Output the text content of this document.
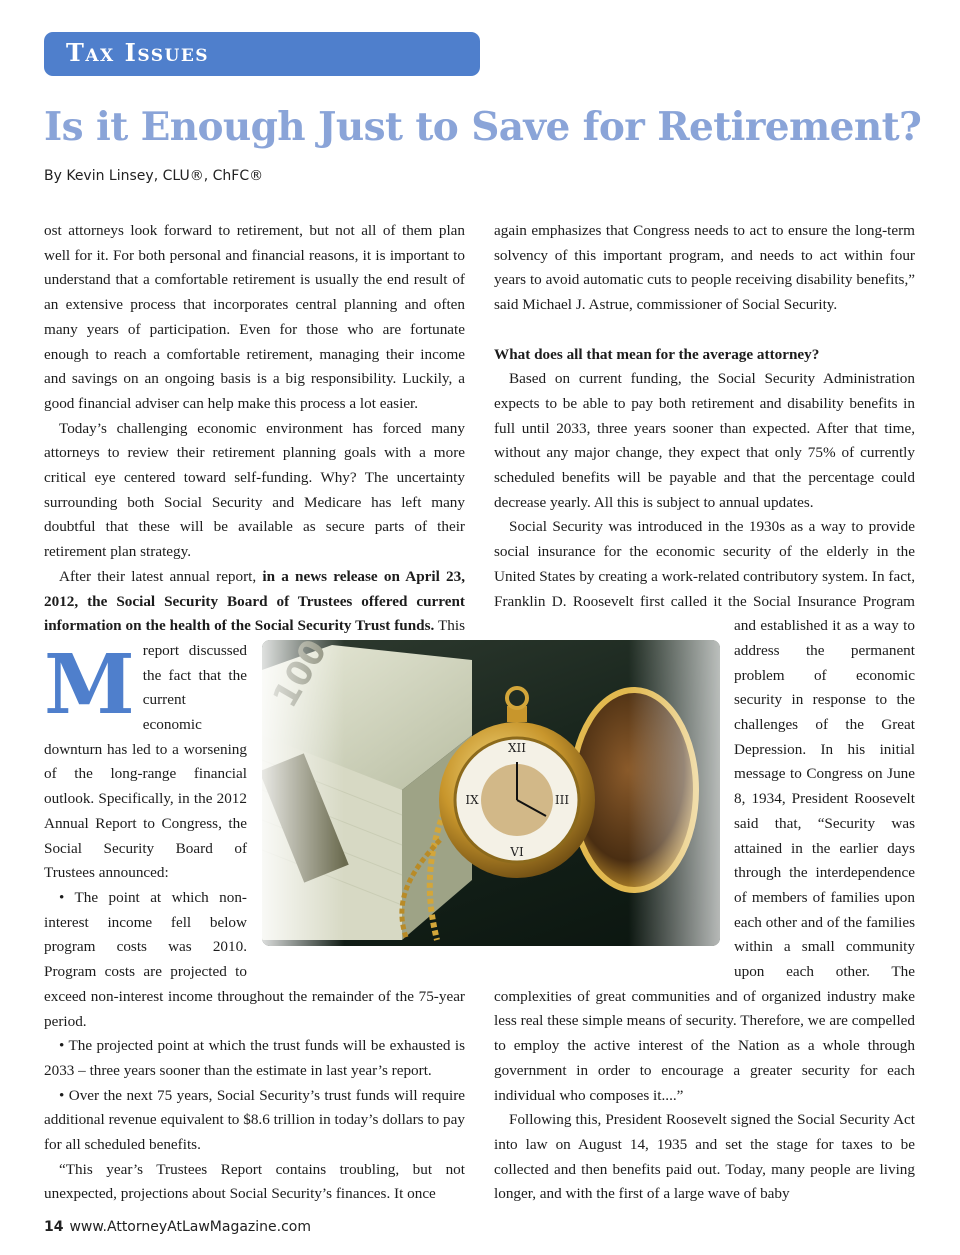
Tax Issues
Is it Enough Just to Save for Retirement?
By Kevin Linsey, CLU®, ChFC®

M
ost attorneys look forward to retirement, but not all of them plan well for it. For both personal and financial reasons, it is important to understand that a comfortable retirement is usually the end result of an extensive process that incorporates central planning and often many years of participation. Even for those who are fortunate enough to reach a comfortable retirement, managing their income and savings on an ongoing basis is a big responsibility. Luckily, a good financial adviser can help make this process a lot easier.

Today’s challenging economic environment has forced many attorneys to review their retirement planning goals with a more critical eye centered toward self-funding. Why? The uncertainty surrounding both Social Security and Medicare has left many doubtful that these will be available as secure parts of their retirement plan strategy.

After their latest annual report, in a news release on April 23, 2012, the Social Security Board of Trustees offered current information on the health of the Social Security Trust funds. This report discussed the fact that the current economic downturn has led to a worsening of the long-range financial outlook. Specifically, in the 2012 Annual Report to Congress, the Social Security Board of Trustees announced:

• The point at which non-interest income fell below program costs was 2010. Program costs are projected to exceed non-interest income throughout the remainder of the 75-year period.

• The projected point at which the trust funds will be exhausted is 2033 – three years sooner than the estimate in last year’s report.

• Over the next 75 years, Social Security’s trust funds will require additional revenue equivalent to $8.6 trillion in today’s dollars to pay for all scheduled benefits.

“This year’s Trustees Report contains troubling, but not unexpected, projections about Social Security’s finances. It once

again emphasizes that Congress needs to act to ensure the long-term solvency of this important program, and needs to act within four years to avoid automatic cuts to people receiving disability benefits,” said Michael J. Astrue, commissioner of Social Security.

What does all that mean for the average attorney?

Based on current funding, the Social Security Administration expects to be able to pay both retirement and disability benefits in full until 2033, three years sooner than expected. After that time, without any major change, they expect that only 75% of currently scheduled benefits will be payable and that the percentage could decrease yearly. All this is subject to annual updates.

Social Security was introduced in the 1930s as a way to provide social insurance for the economic security of the elderly in the United States by creating a work-related contributory system. In fact, Franklin D. Roosevelt first called it the Social Insurance Program and established it as a way to address the permanent problem of economic security in response to the challenges of the Great Depression. In his initial message to Congress on June 8, 1934, President Roosevelt said that, “Security was attained in the earlier days through the interdependence of members of families upon each other and of the families within a small community upon each other. The complexities of great communities and of organized industry make less real these simple means of security. Therefore, we are compelled to employ the active interest of the Nation as a whole through government in order to encourage a greater security for each individual who composes it....”

Following this, President Roosevelt signed the Social Security Act into law on August 14, 1935 and set the stage for taxes to be collected and then benefits paid out. Today, many people are living longer, and with the first of a large wave of baby

14 www.AttorneyAtLawMagazine.com
